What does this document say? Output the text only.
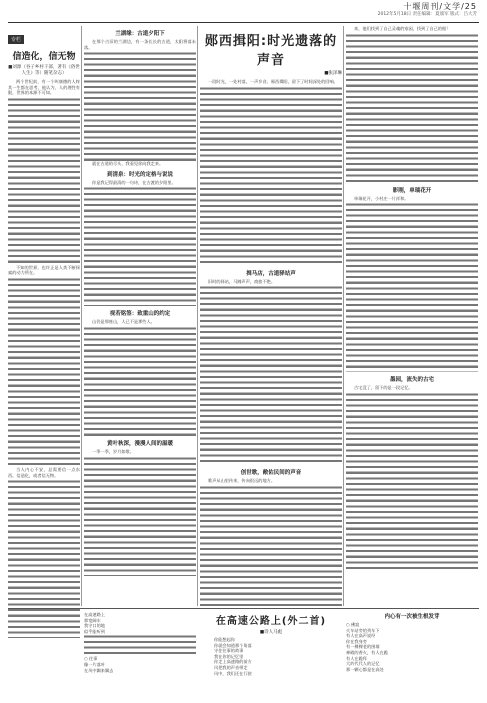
十堰周刊/文学/25
2012年5月18日 责任编辑：夏康军 版式：吕大芳
专栏
信造化，信无物
■刘源（谷子乡村干部，著有《俗世人生》等）随笔杂志）

两个世纪前，有一个叫康德的人终其一生都在思考，他认为，人的理性有限，世界的本源不可知。

不知的世界，也许正是人类不断探索的动力所在。

当人内心不安，总需要信一点东西。信造化，或者信无物。

兰湖缘：古道夕阳下

在那个古旧的兰湖边，有一条长长的古道，太阳将落未落。

就在古道的尽头，我看见你向我走来。

到清泉：时光的定格与说说

你是我记得最清的一句诗，在古渡的夕阳里。

视若铭签：致重山的约定

山仍是那座山，人已不是那些人。

黄叶秋深，漫漫人间的温暖

一季一季，岁月如歌。

郧西揖阳:时光遗落的声音
■张泽琳

一段时光，一处村落，一声乡音。郧西揖阳，留下了时间深处的回响。

揖马店，古道驿站声

旧时的驿站，马蹄声声，商旅不绝。

创世歌，敞佑民间的声音

歌声从山里传来，传向很远的地方。

来，他们找到了自己灵魂的家园，找到了自己的根！

影刚，单瑞花开

单瑞花开，小村庄一片祥和。

墨园，流失的古宅

古宅没了，留下的是一段记忆。

在高速路上
那宽阔车
我守口的地
似乎能听到
○ 往事
像一片落叶
在风中飘来飘去
在高速公路上(外二首)
■诗人马彪
你能想起你
你就会知道那个角落
守住往事的故事
我在你的记忆里
你走上高速路的前方
风把我的声音带走
风中，我们还在行驶
内心有一次被生根发芽
○ 佛寂
火车站旁的列车下
有人在高声说经
你在我身旁
有一棵棵老的围墙
神殿的香火，有人在跪
有人在跪拜
大约代代人的记忆
那一颗心都是在高处
